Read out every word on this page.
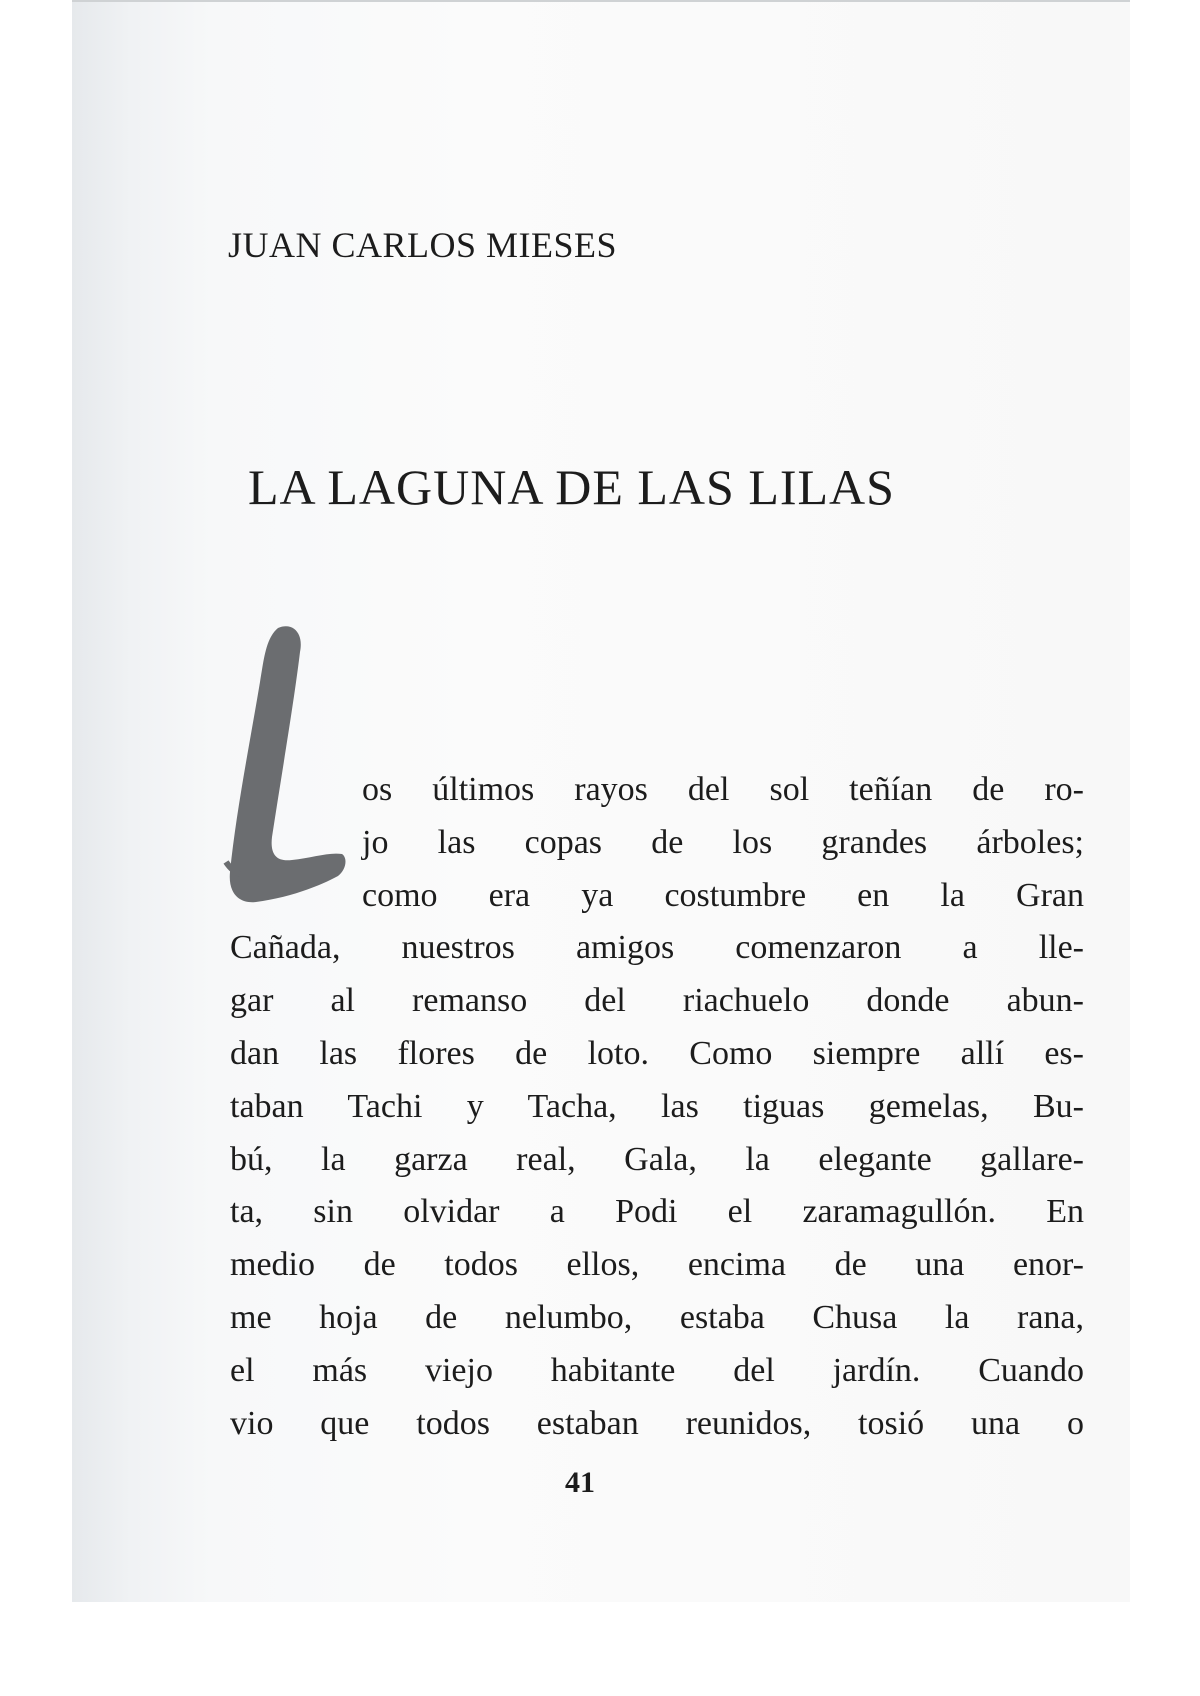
JUAN CARLOS MIESES
LA LAGUNA DE LAS LILAS
os últimos rayos del sol teñían de ro-
jo las copas de los grandes árboles;
como era ya costumbre en la Gran
Cañada, nuestros amigos comenzaron a lle-
gar al remanso del riachuelo donde abun-
dan las flores de loto. Como siempre allí es-
taban Tachi y Tacha, las tiguas gemelas, Bu-
bú, la garza real, Gala, la elegante gallare-
ta, sin olvidar a Podi el zaramagullón. En
medio de todos ellos, encima de una enor-
me hoja de nelumbo, estaba Chusa la rana,
el más viejo habitante del jardín. Cuando
vio que todos estaban reunidos, tosió una o
41
